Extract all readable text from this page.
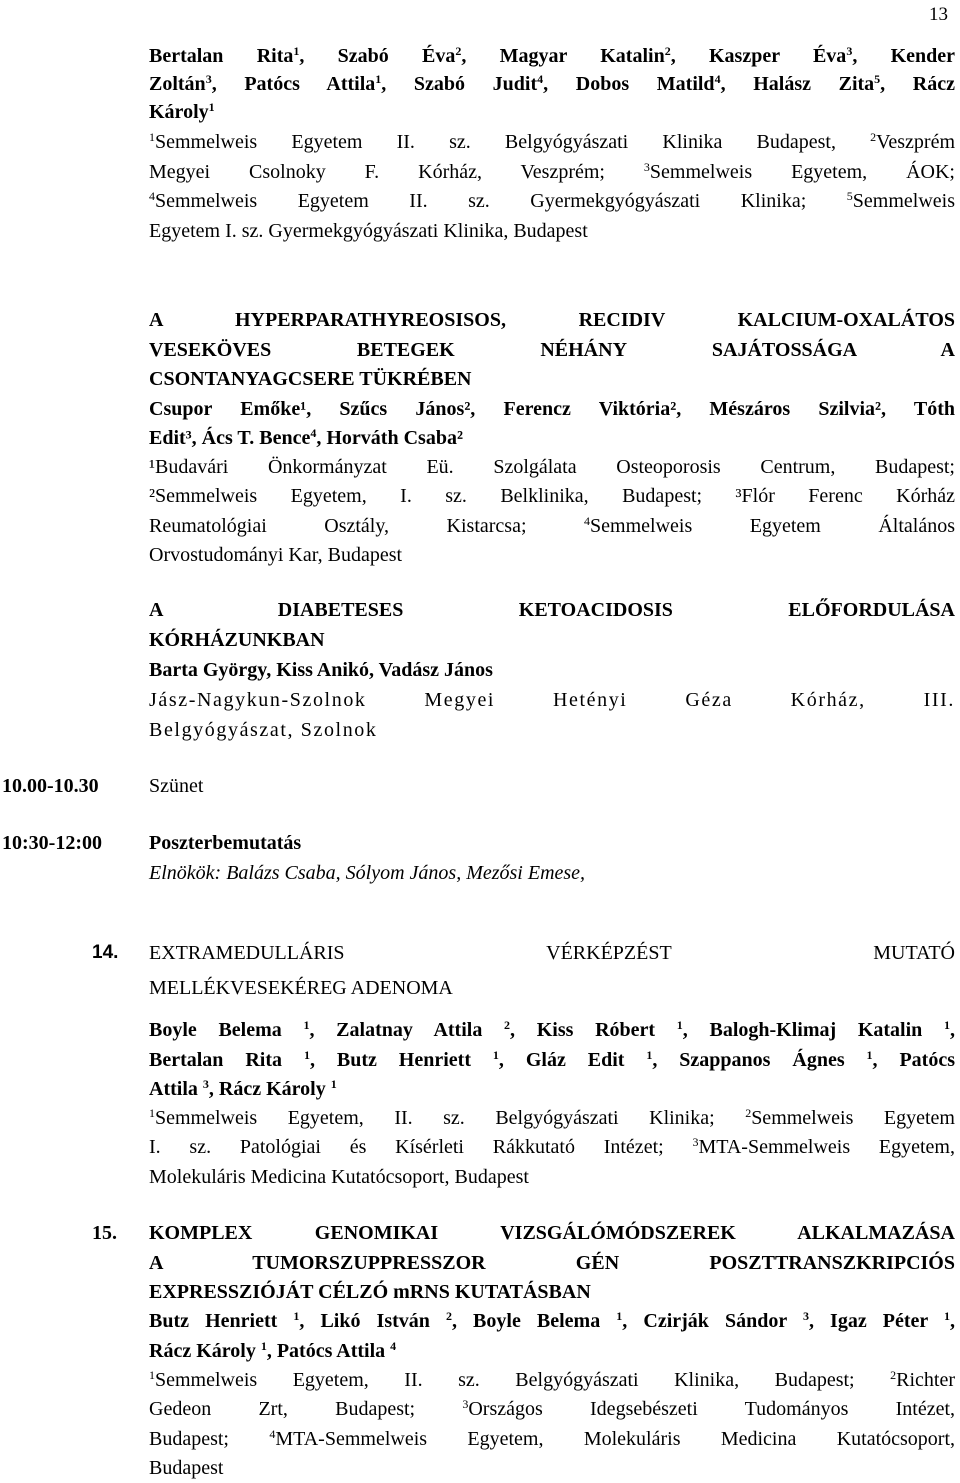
13
Bertalan Rita$^1$, Szabó Éva$^2$, Magyar Katalin$^2$, Kaszper Éva$^3$, Kender
Zoltán$^3$, Patócs Attila$^1$, Szabó Judit$^4$, Dobos Matild$^4$, Halász Zita$^5$, Rácz
Károly$^1$
$^1$Semmelweis Egyetem II. sz. Belgyógyászati Klinika Budapest, $^2$Veszprém
Megyei Csolnoky F. Kórház, Veszprém; $^3$Semmelweis Egyetem, ÁOK;
$^4$Semmelweis Egyetem II. sz. Gyermekgyógyászati Klinika; $^5$Semmelweis
Egyetem I. sz. Gyermekgyógyászati Klinika, Budapest
A HYPERPARATHYREOSISOS, RECIDIV KALCIUM-OXALÁTOS
VESEKÖVES BETEGEK NÉHÁNY SAJÁTOSSÁGA A
CSONTANYAGCSERE TÜKRÉBEN
Csupor Emőke¹, Szűcs János², Ferencz Viktória², Mészáros Szilvia², Tóth
Edit³, Ács T. Bence$^4$, Horváth Csaba²
¹Budavári Önkormányzat Eü. Szolgálata Osteoporosis Centrum, Budapest;
²Semmelweis Egyetem, I. sz. Belklinika, Budapest; ³Flór Ferenc Kórház
Reumatológiai Osztály, Kistarcsa; $^4$Semmelweis Egyetem Általános
Orvostudományi Kar, Budapest
A DIABETESES KETOACIDOSIS ELŐFORDULÁSA
KÓRHÁZUNKBAN
Barta György, Kiss Anikó, Vadász János
Jász-Nagykun-Szolnok Megyei Hetényi Géza Kórház, III.
Belgyógyászat, Szolnok
EXTRAMEDULLÁRIS VÉRKÉPZÉST MUTATÓ
MELLÉKVESEKÉREG ADENOMA
Boyle Belema $^1$, Zalatnay Attila $^2$, Kiss Róbert $^1$, Balogh-Klimaj Katalin $^1$,
Bertalan Rita $^1$, Butz Henriett $^1$, Gláz Edit $^1$, Szappanos Ágnes $^1$, Patócs
Attila $^3$, Rácz Károly $^1$
$^1$Semmelweis Egyetem, II. sz. Belgyógyászati Klinika; $^2$Semmelweis Egyetem
I. sz. Patológiai és Kísérleti Rákkutató Intézet; $^3$MTA-Semmelweis Egyetem,
Molekuláris Medicina Kutatócsoport, Budapest
KOMPLEX GENOMIKAI VIZSGÁLÓMÓDSZEREK ALKALMAZÁSA
A TUMORSZUPPRESSZOR GÉN POSZTTRANSZKRIPCIÓS
EXPRESSZIÓJÁT CÉLZÓ mRNS KUTATÁSBAN
Butz Henriett $^1$, Likó István $^2$, Boyle Belema $^1$, Czirják Sándor $^3$, Igaz Péter $^1$,
Rácz Károly $^1$, Patócs Attila $^4$
$^1$Semmelweis Egyetem, II. sz. Belgyógyászati Klinika, Budapest; $^2$Richter
Gedeon Zrt, Budapest; $^3$Országos Idegsebészeti Tudományos Intézet,
Budapest; $^4$MTA-Semmelweis Egyetem, Molekuláris Medicina Kutatócsoport,
Budapest
10.00-10.30	Szünet
10:30-12:00 Poszterbemutatás
Elnökök: Balázs Csaba, Sólyom János, Mezősi Emese,
14.
15.
